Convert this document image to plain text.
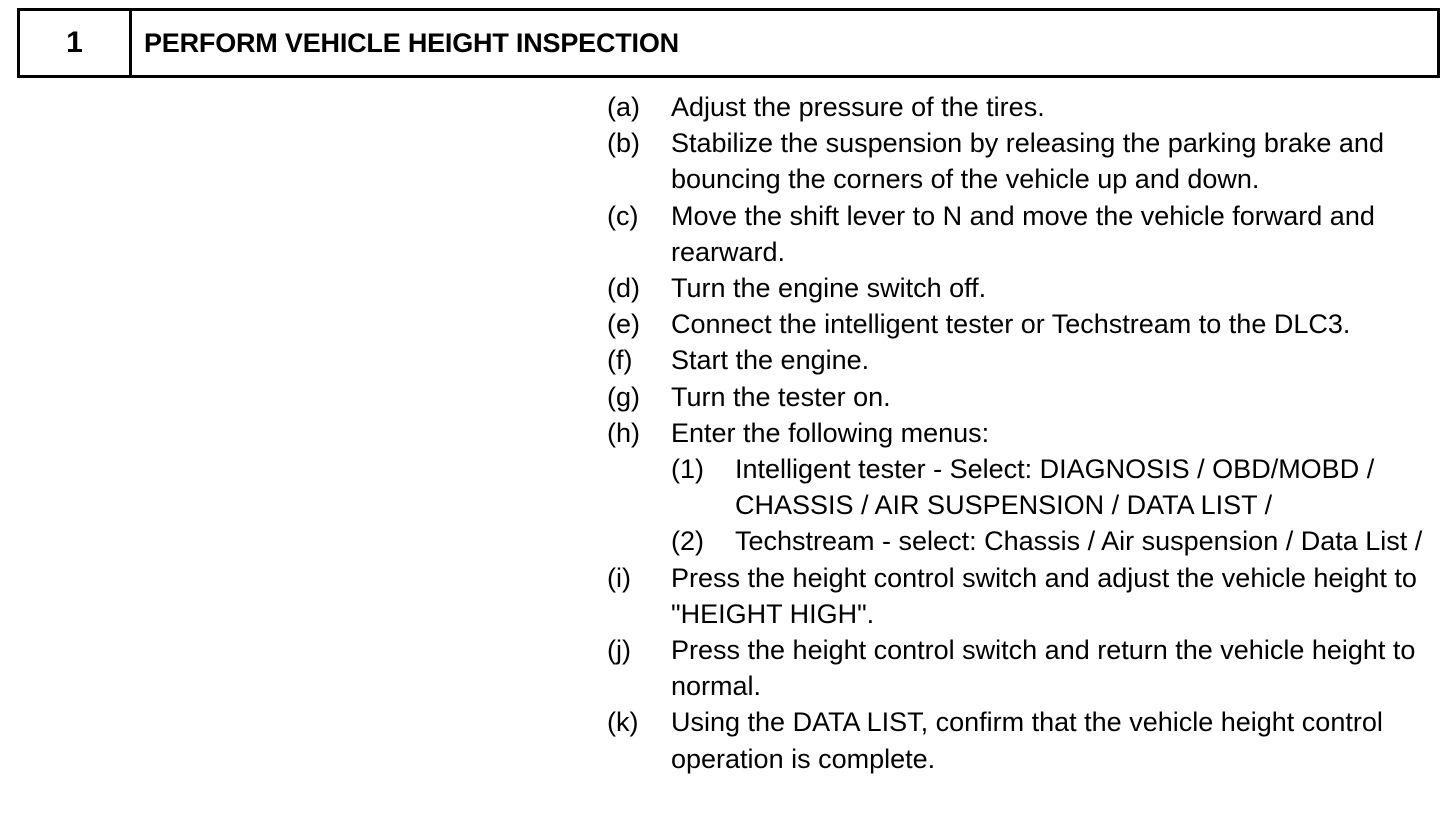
1	PERFORM VEHICLE HEIGHT INSPECTION
(a)	Adjust the pressure of the tires.
(b)	Stabilize the suspension by releasing the parking brake and bouncing the corners of the vehicle up and down.
(c)	Move the shift lever to N and move the vehicle forward and rearward.
(d)	Turn the engine switch off.
(e)	Connect the intelligent tester or Techstream to the DLC3.
(f)	Start the engine.
(g)	Turn the tester on.
(h)	Enter the following menus:
(1)	Intelligent tester - Select: DIAGNOSIS / OBD/MOBD / CHASSIS / AIR SUSPENSION / DATA LIST /
(2)	Techstream - select: Chassis / Air suspension / Data List /
(i)	Press the height control switch and adjust the vehicle height to "HEIGHT HIGH".
(j)	Press the height control switch and return the vehicle height to normal.
(k)	Using the DATA LIST, confirm that the vehicle height control operation is complete.
